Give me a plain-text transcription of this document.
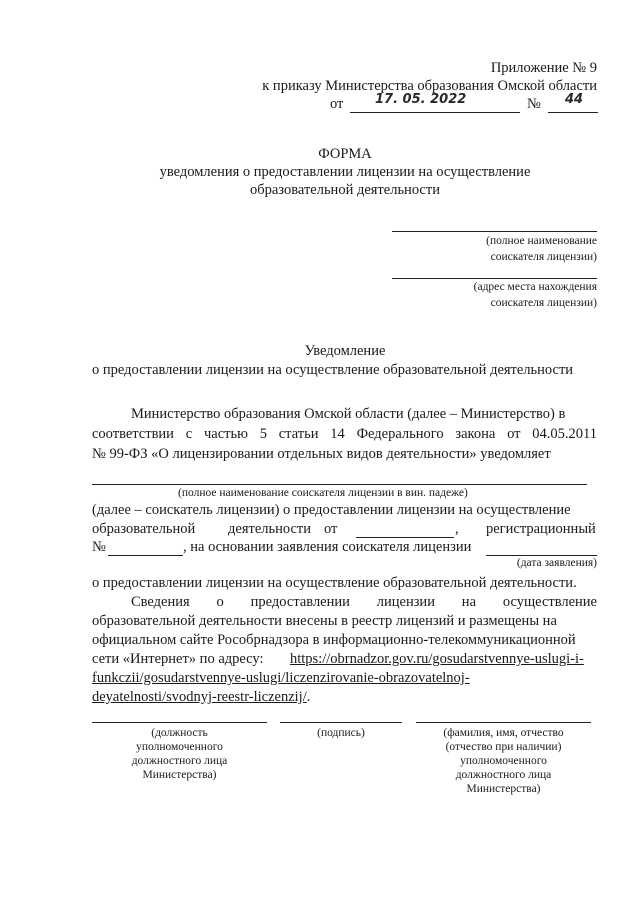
Приложение № 9
к приказу Министерства образования Омской области
от 17. 05. 2022	№ 44
ФОРМА
уведомления о предоставлении лицензии на осуществление
образовательной деятельности
(полное наименование
соискателя лицензии)
(адрес места нахождения
соискателя лицензии)
Уведомление
о предоставлении лицензии на осуществление образовательной деятельности
Министерство образования Омской области (далее – Министерство) в
соответствии с частью 5 статьи 14 Федерального закона от 04.05.2011
№ 99-ФЗ «О лицензировании отдельных видов деятельности» уведомляет
(полное наименование соискателя лицензии в вин. падеже)
(далее – соискатель лицензии) о предоставлении лицензии на осуществление
образовательной деятельности от	, регистрационный
№	, на основании заявления соискателя лицензии
(дата заявления)
о предоставлении лицензии на осуществление образовательной деятельности.
Сведения о предоставлении лицензии на осуществление
образовательной деятельности внесены в реестр лицензий и размещены на
официальном сайте Рособрнадзора в информационно-телекоммуникационной
сети «Интернет» по адресу: https://obrnadzor.gov.ru/gosudarstvennye-uslugi-i-
funkczii/gosudarstvennye-uslugi/liczenzirovanie-obrazovatelnoj-
deyatelnosti/svodnyj-reestr-liczenzij/.
(должность
уполномоченного
должностного лица
Министерства)
(подпись)	(фамилия, имя, отчество
(отчество при наличии)
уполномоченного
должностного лица
Министерства)
